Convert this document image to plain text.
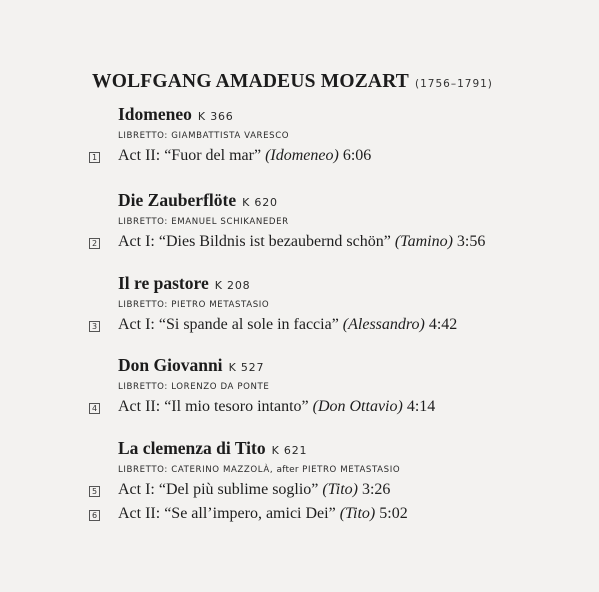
WOLFGANG AMADEUS MOZART (1756–1791)
Idomeneo K 366
LIBRETTO: GIAMBATTISTA VARESCO
1 Act II: “Fuor del mar” (Idomeneo) 6:06
Die Zauberflöte K 620
LIBRETTO: EMANUEL SCHIKANEDER
2 Act I: “Dies Bildnis ist bezaubernd schön” (Tamino) 3:56
Il re pastore K 208
LIBRETTO: PIETRO METASTASIO
3 Act I: “Si spande al sole in faccia” (Alessandro) 4:42
Don Giovanni K 527
LIBRETTO: LORENZO DA PONTE
4 Act II: “Il mio tesoro intanto” (Don Ottavio) 4:14
La clemenza di Tito K 621
LIBRETTO: CATERINO MAZZOLÀ, after PIETRO METASTASIO
5 Act I: “Del più sublime soglio” (Tito) 3:26
6 Act II: “Se all’impero, amici Dei” (Tito) 5:02
